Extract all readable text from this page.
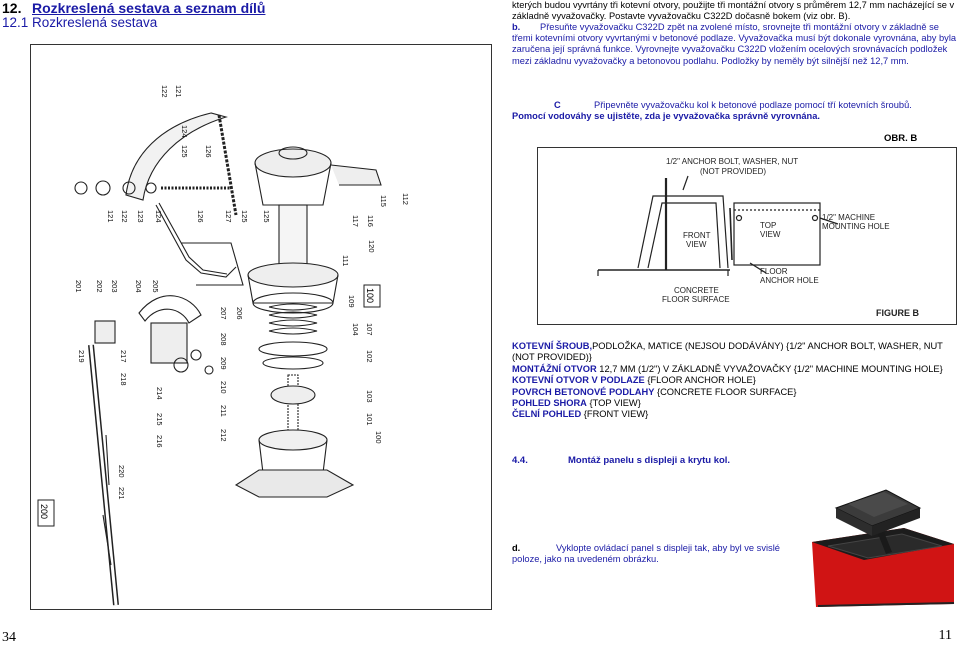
12. Rozkreslená sestava a seznam dílů
12.1 Rozkreslená sestava
121
122
121 122 123 124
124
125 126
126	127 125 125
115 112
120
117 116
111
109
104 107
102
103
101
100
201 202 203 204 205
207
208
209
210
211
212
206
214
215
216
217
218
219
220
221
100
200
34
kterých budou vyvrtány tři kotevní otvory, použijte tři montážní otvory s průměrem 12,7 mm nacházející se v základně vyvažovačky. Postavte vyvažovačku C322D dočasně bokem (viz obr. B).
b. Přesuňte vyvažovačku C322D zpět na zvolené místo, srovnejte tři montážní otvory v základně se třemi kotevními otvory vyvrtanými v betonové podlaze. Vyvažovačka musí být dokonale vyrovnána, aby byla zaručena její správná funkce. Vyrovnejte vyvažovačku C322D vložením ocelových srovnávacích podložek mezi základnu vyvažovačky a betonovou podlahu. Podložky by neměly být silnější než 12,7 mm.
C	Připevněte vyvažovačku kol k betonové podlaze pomocí tří kotevních šroubů.
Pomocí vodováhy se ujistěte, zda je vyvažovačka správně vyrovnána.
OBR. B
1/2" ANCHOR BOLT, WASHER, NUT
(NOT PROVIDED)
FRONT
VIEW
TOP
VIEW
1/2" MACHINE
MOUNTING HOLE
FLOOR
ANCHOR HOLE
CONCRETE
FLOOR SURFACE
FIGURE B
KOTEVNÍ ŠROUB,PODLOŽKA, MATICE (NEJSOU DODÁVÁNY) {1/2" ANCHOR BOLT, WASHER, NUT (NOT PROVIDED)}
MONTÁŽNÍ OTVOR 12,7 MM (1/2") V ZÁKLADNĚ VYVAŽOVAČKY {1/2" MACHINE MOUNTING HOLE}
KOTEVNÍ OTVOR V PODLAZE {FLOOR ANCHOR HOLE}
POVRCH BETONOVÉ PODLAHY {CONCRETE FLOOR SURFACE}
POHLED SHORA {TOP VIEW}
ČELNÍ POHLED {FRONT VIEW}
4.4.	Montáž panelu s displeji a krytu kol.
d.	Vyklopte ovládací panel s displeji tak, aby byl ve svislé poloze, jako na uvedeném obrázku.
11
